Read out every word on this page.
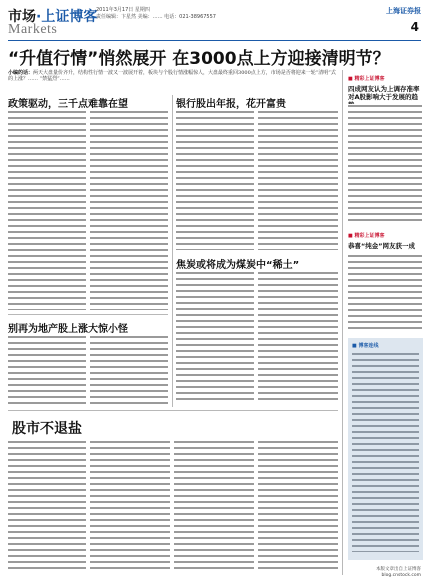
市场·上证博客
Markets
2011年3月17日 星期四
责任编辑：卞星然 美编：…… 电话：021-38967557
上海证券报
4
“升值行情”悄然展开 在3000点上方迎接清明节？
小编的话：两天大盘量价齐升，结构性行情一波又一波展开着，板块与个股行情涨幅惊人，大盘最终重回3000点上方，市场是否将迎来一轮“清明”式的上涨？…… “禁猛烈”……
政策驱动，三千点难靠在望	银行股出年报，花开富贵
焦炭或将成为煤炭中“稀土”
别再为地产股上涨大惊小怪
股市不退盐
■ 精彩上证博客
四成网友认为上调存准率对A股影响大于发展的趋
■ 精彩上证博客
恭喜“纯金”网友获一成
■ 博客连线
本版文章出自上证博客
blog.cnstock.com
